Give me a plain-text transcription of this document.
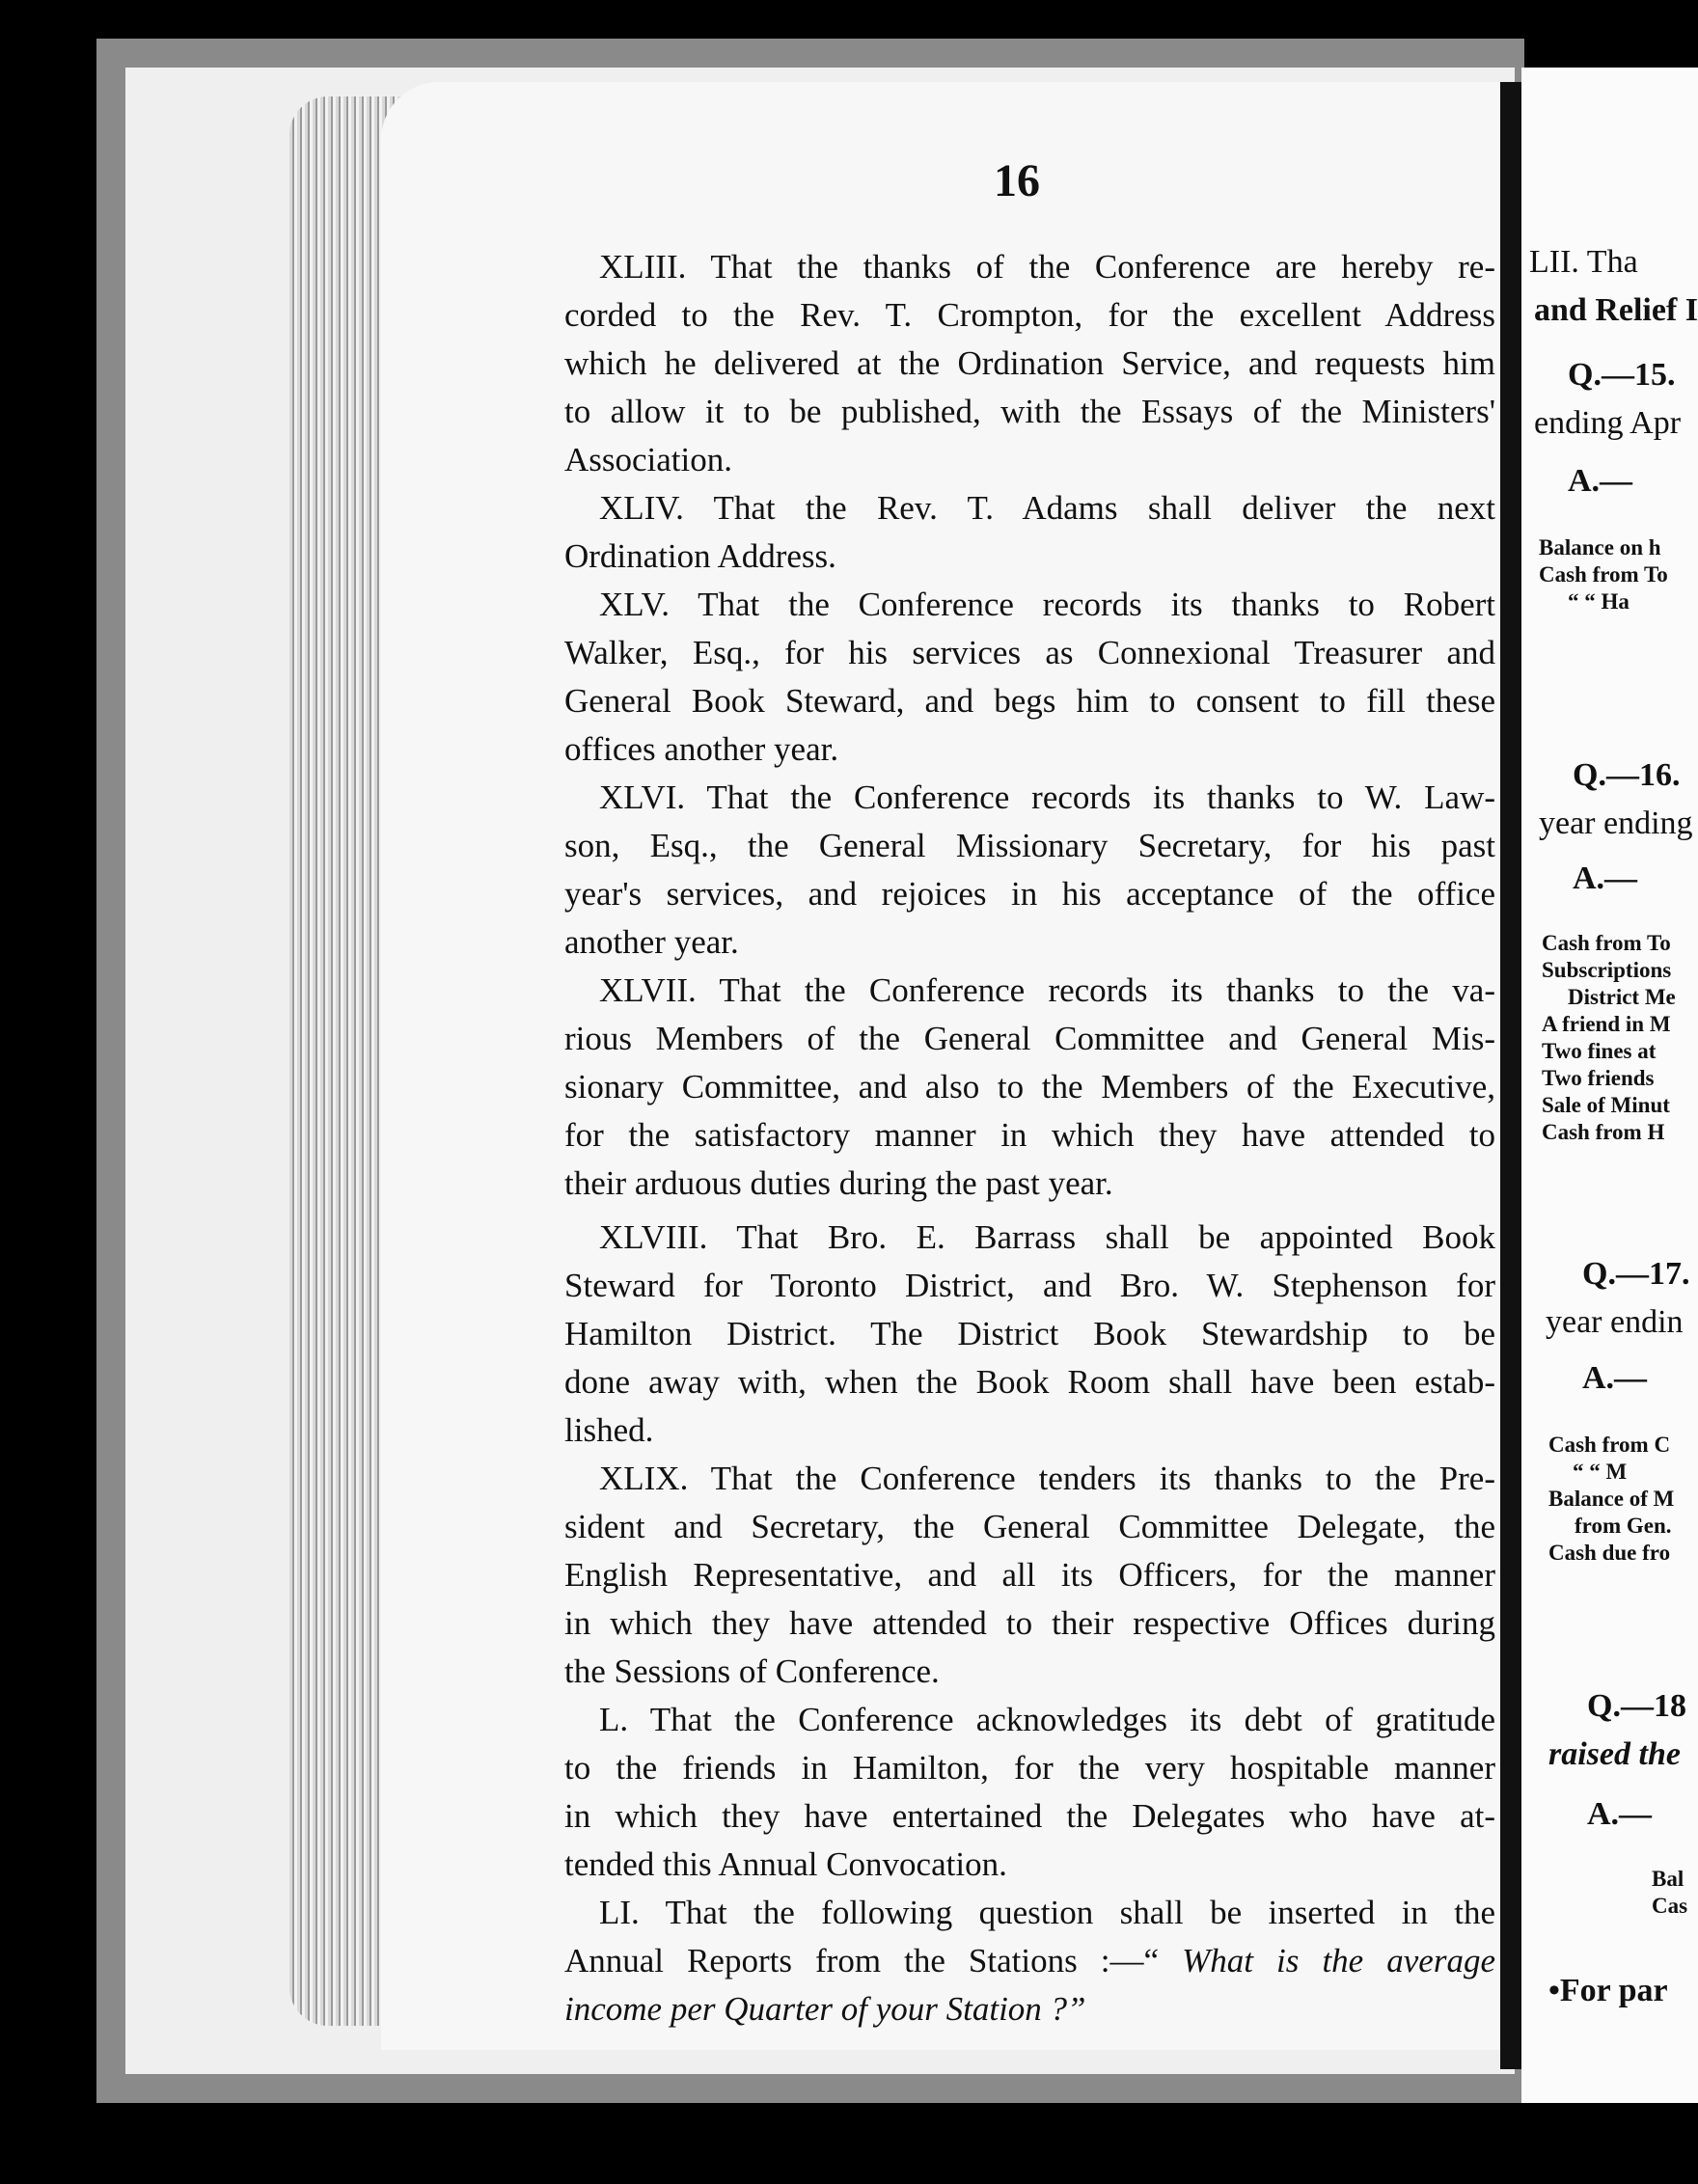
LII. Tha
and Relief I
Q.—15.
ending Apr
A.—
Balance on h
Cash from To
“ “ Ha
Q.—16.
year ending
A.—
Cash from To
Subscriptions
District Me
A friend in M
Two fines at
Two friends
Sale of Minut
Cash from H
Q.—17.
year endin
A.—
Cash from C
“ “ M
Balance of M
from Gen.
Cash due fro
Q.—18
raised the
A.—
Bal
Cas
•For par
16
XLIII. That the thanks of the Conference are hereby re-
corded to the Rev. T. Crompton, for the excellent Address
which he delivered at the Ordination Service, and requests him
to allow it to be published, with the Essays of the Ministers'
Association.
XLIV. That the Rev. T. Adams shall deliver the next
Ordination Address.
XLV. That the Conference records its thanks to Robert
Walker, Esq., for his services as Connexional Treasurer and
General Book Steward, and begs him to consent to fill these
offices another year.
XLVI. That the Conference records its thanks to W. Law-
son, Esq., the General Missionary Secretary, for his past
year's services, and rejoices in his acceptance of the office
another year.
XLVII. That the Conference records its thanks to the va-
rious Members of the General Committee and General Mis-
sionary Committee, and also to the Members of the Executive,
for the satisfactory manner in which they have attended to
their arduous duties during the past year.
XLVIII. That Bro. E. Barrass shall be appointed Book
Steward for Toronto District, and Bro. W. Stephenson for
Hamilton District. The District Book Stewardship to be
done away with, when the Book Room shall have been estab-
lished.
XLIX. That the Conference tenders its thanks to the Pre-
sident and Secretary, the General Committee Delegate, the
English Representative, and all its Officers, for the manner
in which they have attended to their respective Offices during
the Sessions of Conference.
L. That the Conference acknowledges its debt of gratitude
to the friends in Hamilton, for the very hospitable manner
in which they have entertained the Delegates who have at-
tended this Annual Convocation.
LI. That the following question shall be inserted in the
Annual Reports from the Stations :—“ What is the average
income per Quarter of your Station ?”
